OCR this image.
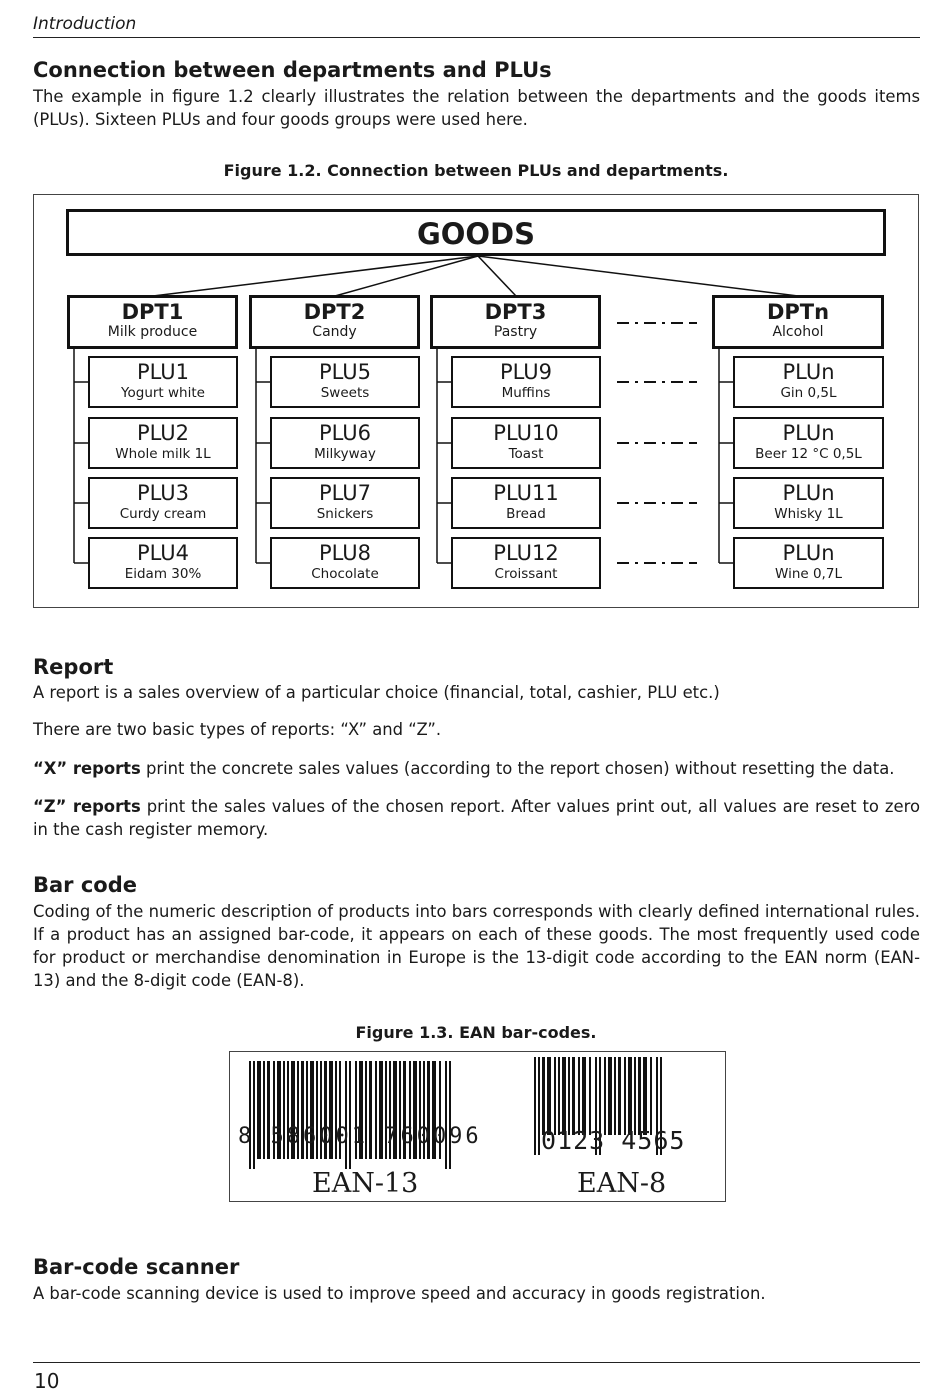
Introduction
Connection between departments and PLUs

The example in figure 1.2 clearly illustrates the relation between the departments and the goods items (PLUs). Sixteen PLUs and four goods groups were used here.

Figure 1.2. Connection between PLUs and departments.
GOODS
DPT1
Milk produce
PLU1
Yogurt white
PLU2
Whole milk 1L
PLU3
Curdy cream
PLU4
Eidam 30%
DPT2
Candy
PLU5
Sweets
PLU6
Milkyway
PLU7
Snickers
PLU8
Chocolate
DPT3
Pastry
PLU9
Muffins
PLU10
Toast
PLU11
Bread
PLU12
Croissant
DPTn
Alcohol
PLUn
Gin 0,5L
PLUn
Beer 12 °C 0,5L
PLUn
Whisky 1L
PLUn
Wine 0,7L
Report

A report is a sales overview of a particular choice (financial, total, cashier, PLU etc.)

There are two basic types of reports: “X” and “Z”.

“X” reports print the concrete sales values (according to the report chosen) without resetting the data.

“Z” reports print the sales values of the chosen report. After values print out, all values are reset to zero in the cash register memory.

Bar code

Coding of the numeric description of products into bars corresponds with clearly defined international rules. If a product has an assigned bar-code, it appears on each of these goods. The most frequently used code for product or merchandise denomination in Europe is the 13-digit code according to the EAN norm (EAN-13) and the 8-digit code (EAN-8).

Figure 1.3. EAN bar-codes.
8 586001 760096
EAN-13
0123 4565
EAN-8
Bar-code scanner

A bar-code scanning device is used to improve speed and accuracy in goods registration.

10
